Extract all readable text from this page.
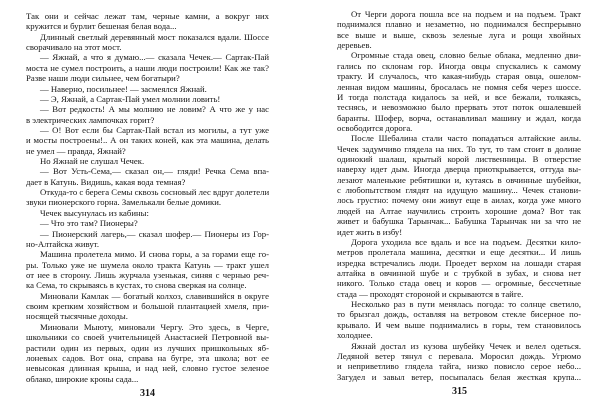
Так они и сейчас лежат там, черные камни, а вокруг них
кружится и бурлит бешеная белая вода...
Длинный светлый деревянный мост показался вдали. Шоссе
сворачивало на этот мост.
— Яжнай, а что я думаю...— сказала Чечек.— Сартак-Пай
моста не сумел построить, а наши люди построили! Как же так?
Разве наши люди сильнее, чем богатыри?
— Наверно, посильнее! — засмеялся Яжнай.
— Э, Яжнай, а Сартак-Пай умел молнии ловить!
— Вот редкость! А мы молнию не ловим? А что же у нас
в электрических лампочках горит?
— О! Вот если бы Сартак-Пай встал из могилы, а тут уже
и мосты построены!.. А он таких коней, как эта машина, делать
не умел — правда, Яжнай?
Но Яжнай не слушал Чечек.
— Вот Усть-Сема,— сказал он,— гляди! Речка Сема впа-
дает в Катунь. Видишь, какая вода темная?
Откуда-то с берега Семы сквозь сосновый лес вдруг долетели
звуки пионерского горна. Замелькали белые домики.
Чечек высунулась из кабины:
— Что это там? Пионеры?
— Пионерский лагерь,— сказал шофер.— Пионеры из Гор-
но-Алтайска живут.
Машина пролетела мимо. И снова горы, а за горами еще го-
ры. Только уже не шумела около тракта Катунь — тракт ушел
от нее в сторону. Лишь журчала узенькая, синяя с чернью реч-
ка Сема, то скрываясь в кустах, то снова сверкая на солнце.
Миновали Камлак — богатый колхоз, славившийся в округе
своим крепким хозяйством и большой плантацией хмеля, при-
носящей тысячные доходы.
Миновали Мыюту, миновали Чергу. Это здесь, в Черге,
школьники со своей учительницей Анастасией Петровной вы-
растили один из первых, один из лучших пришкольных яб-
лоневых садов. Вот она, справа на бугре, эта школа; вот ее
невысокая длинная крыша, и над ней, словно густое зеленое
облако, широкие кроны сада...
314
От Черги дорога пошла все на подъем и на подъем. Тракт
поднимался плавно и незаметно, но поднимался беспрерывно
все выше и выше, сквозь зеленые луга и рощи хвойных
деревьев.
Огромные стада овец, словно белые облака, медленно дви-
гались по склонам гор. Иногда овцы спускались к самому
тракту. И случалось, что какая-нибудь старая овца, ошелом-
ленная видом машины, бросалась не помня себя через шоссе.
И тогда полстада кидалось за ней, и все бежали, толкаясь,
теснясь, и невозможно было прервать этот поток ошалевшей
баранты. Шофер, ворча, останавливал машину и ждал, когда
освободится дорога.
После Шебалина стали часто попадаться алтайские аилы.
Чечек задумчиво глядела на них. То тут, то там стоит в долине
одинокий шалаш, крытый корой лиственницы. В отверстие
наверху идет дым. Иногда дверца приоткрывается, оттуда вы-
лезают маленькие ребятишки и, кутаясь в овчинные шубейки,
с любопытством глядят на идущую машину... Чечек станови-
лось грустно: почему они живут еще в аилах, когда уже много
людей на Алтае научились строить хорошие дома? Вот так
живет и бабушка Тарынчак... Бабушка Тарынчак ни за что не
идет жить в избу!
Дорога уходила все вдаль и все на подъем. Десятки кило-
метров пролетала машина, десятки и еще десятки... И лишь
изредка встречались люди. Проедет верхом на лошади старая
алтайка в овчинной шубе и с трубкой в зубах, и снова нет
никого. Только стада овец и коров — огромные, бессчетные
стада — проходят стороной и скрываются в тайге.
Несколько раз в пути менялась погода: то солнце светило,
то брызгал дождь, оставляя на ветровом стекле бисерное по-
крывало. И чем выше поднимались в горы, тем становилось
холоднее.
Яжнай достал из кузова шубейку Чечек и велел одеться.
Ледяной ветер тянул с перевала. Моросил дождь. Угрюмо
и неприветливо глядела тайга, низко повисло серое небо...
Загудел и завыл ветер, посыпалась белая жесткая крупа...
315
